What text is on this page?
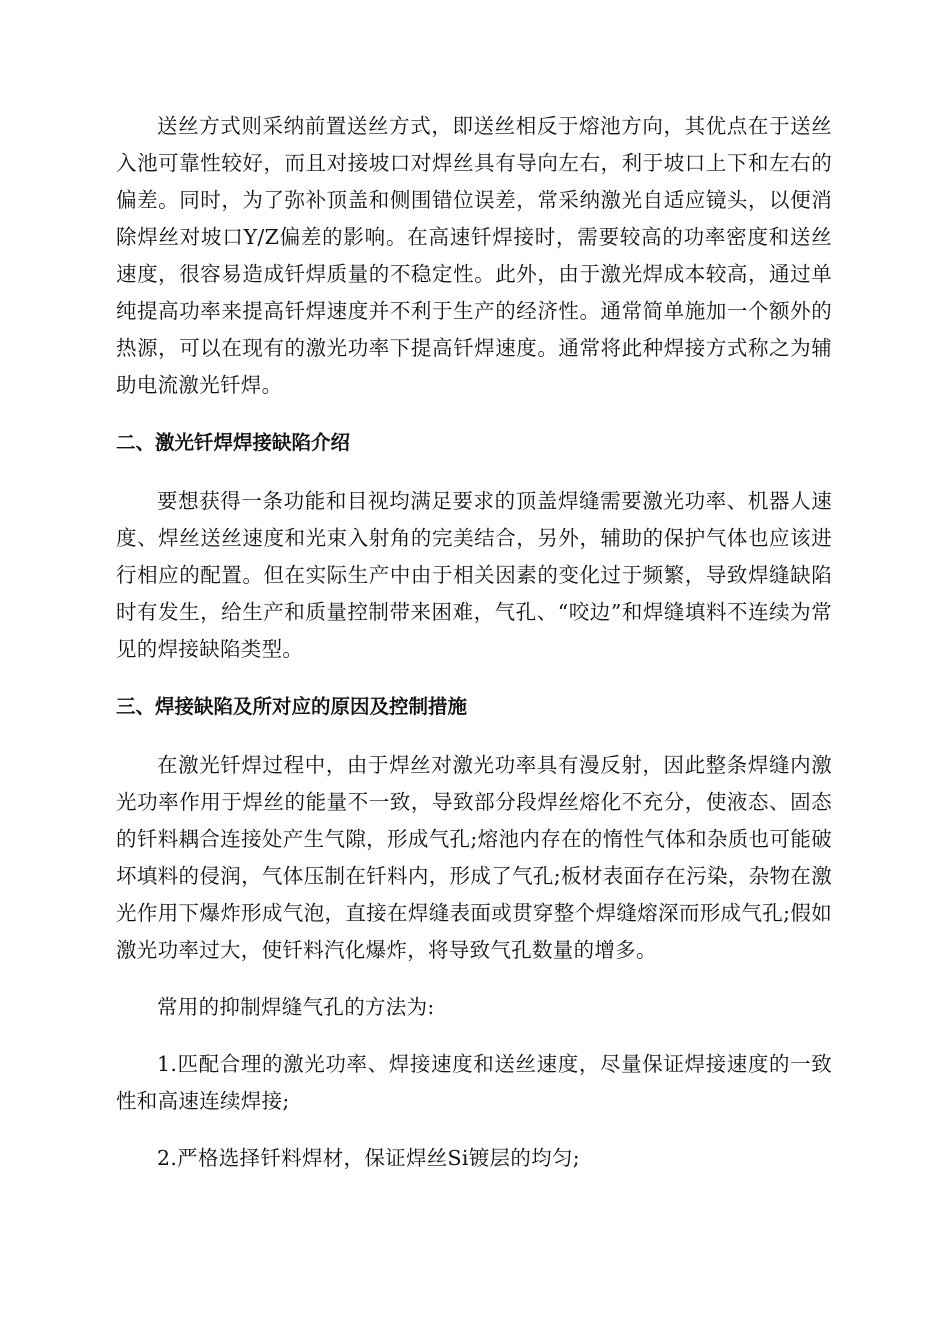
送丝方式则采纳前置送丝方式，即送丝相反于熔池方向，其优点在于送丝入池可靠性较好，而且对接坡口对焊丝具有导向左右，利于坡口上下和左右的偏差。同时，为了弥补顶盖和侧围错位误差，常采纳激光自适应镜头，以便消除焊丝对坡口Y/Z偏差的影响。在高速钎焊接时，需要较高的功率密度和送丝速度，很容易造成钎焊质量的不稳定性。此外，由于激光焊成本较高，通过单纯提高功率来提高钎焊速度并不利于生产的经济性。通常简单施加一个额外的热源，可以在现有的激光功率下提高钎焊速度。通常将此种焊接方式称之为辅助电流激光钎焊。

二、激光钎焊焊接缺陷介绍

要想获得一条功能和目视均满足要求的顶盖焊缝需要激光功率、机器人速度、焊丝送丝速度和光束入射角的完美结合，另外，辅助的保护气体也应该进行相应的配置。但在实际生产中由于相关因素的变化过于频繁，导致焊缝缺陷时有发生，给生产和质量控制带来困难，气孔、“咬边”和焊缝填料不连续为常见的焊接缺陷类型。

三、焊接缺陷及所对应的原因及控制措施

在激光钎焊过程中，由于焊丝对激光功率具有漫反射，因此整条焊缝内激光功率作用于焊丝的能量不一致，导致部分段焊丝熔化不充分，使液态、固态的钎料耦合连接处产生气隙，形成气孔;熔池内存在的惰性气体和杂质也可能破坏填料的侵润，气体压制在钎料内，形成了气孔;板材表面存在污染，杂物在激光作用下爆炸形成气泡，直接在焊缝表面或贯穿整个焊缝熔深而形成气孔;假如激光功率过大，使钎料汽化爆炸，将导致气孔数量的增多。

常用的抑制焊缝气孔的方法为:

1.匹配合理的激光功率、焊接速度和送丝速度，尽量保证焊接速度的一致性和高速连续焊接;

2.严格选择钎料焊材，保证焊丝Si镀层的均匀;
